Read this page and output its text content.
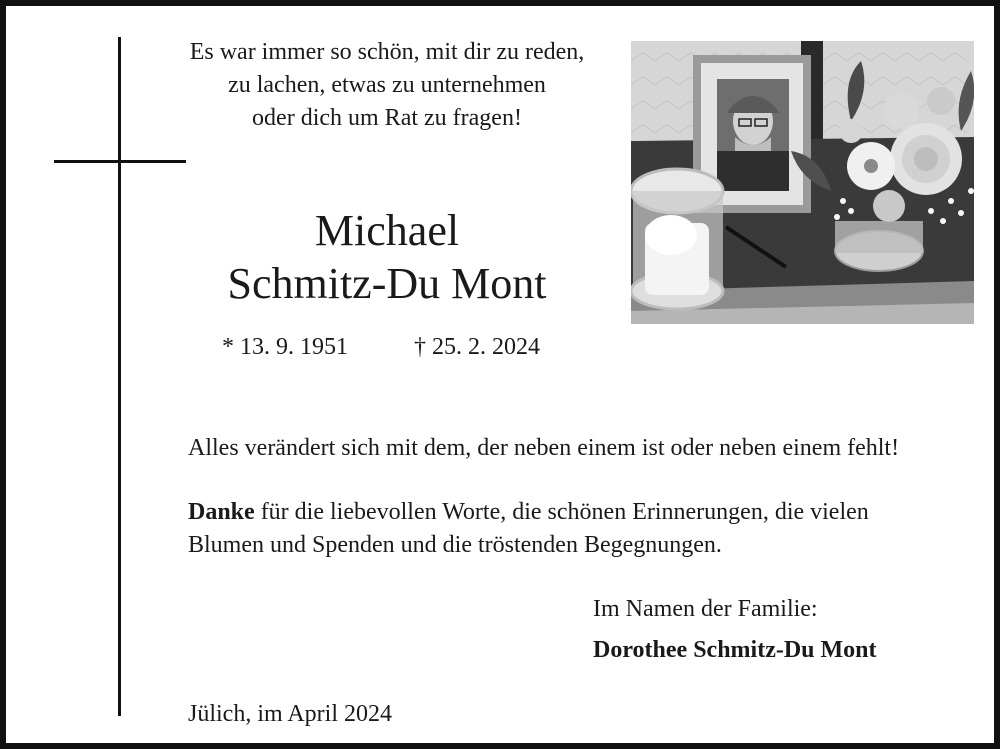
Es war immer so schön, mit dir zu reden,
zu lachen, etwas zu unternehmen
oder dich um Rat zu fragen!
Michael
Schmitz-Du Mont
* 13. 9. 1951	† 25. 2. 2024
Alles verändert sich mit dem, der neben einem ist oder neben einem fehlt!
Danke für die liebevollen Worte, die schönen Erinnerungen, die vielen
Blumen und Spenden und die tröstenden Begegnungen.
Im Namen der Familie:
Dorothee Schmitz-Du Mont
Jülich, im April 2024
